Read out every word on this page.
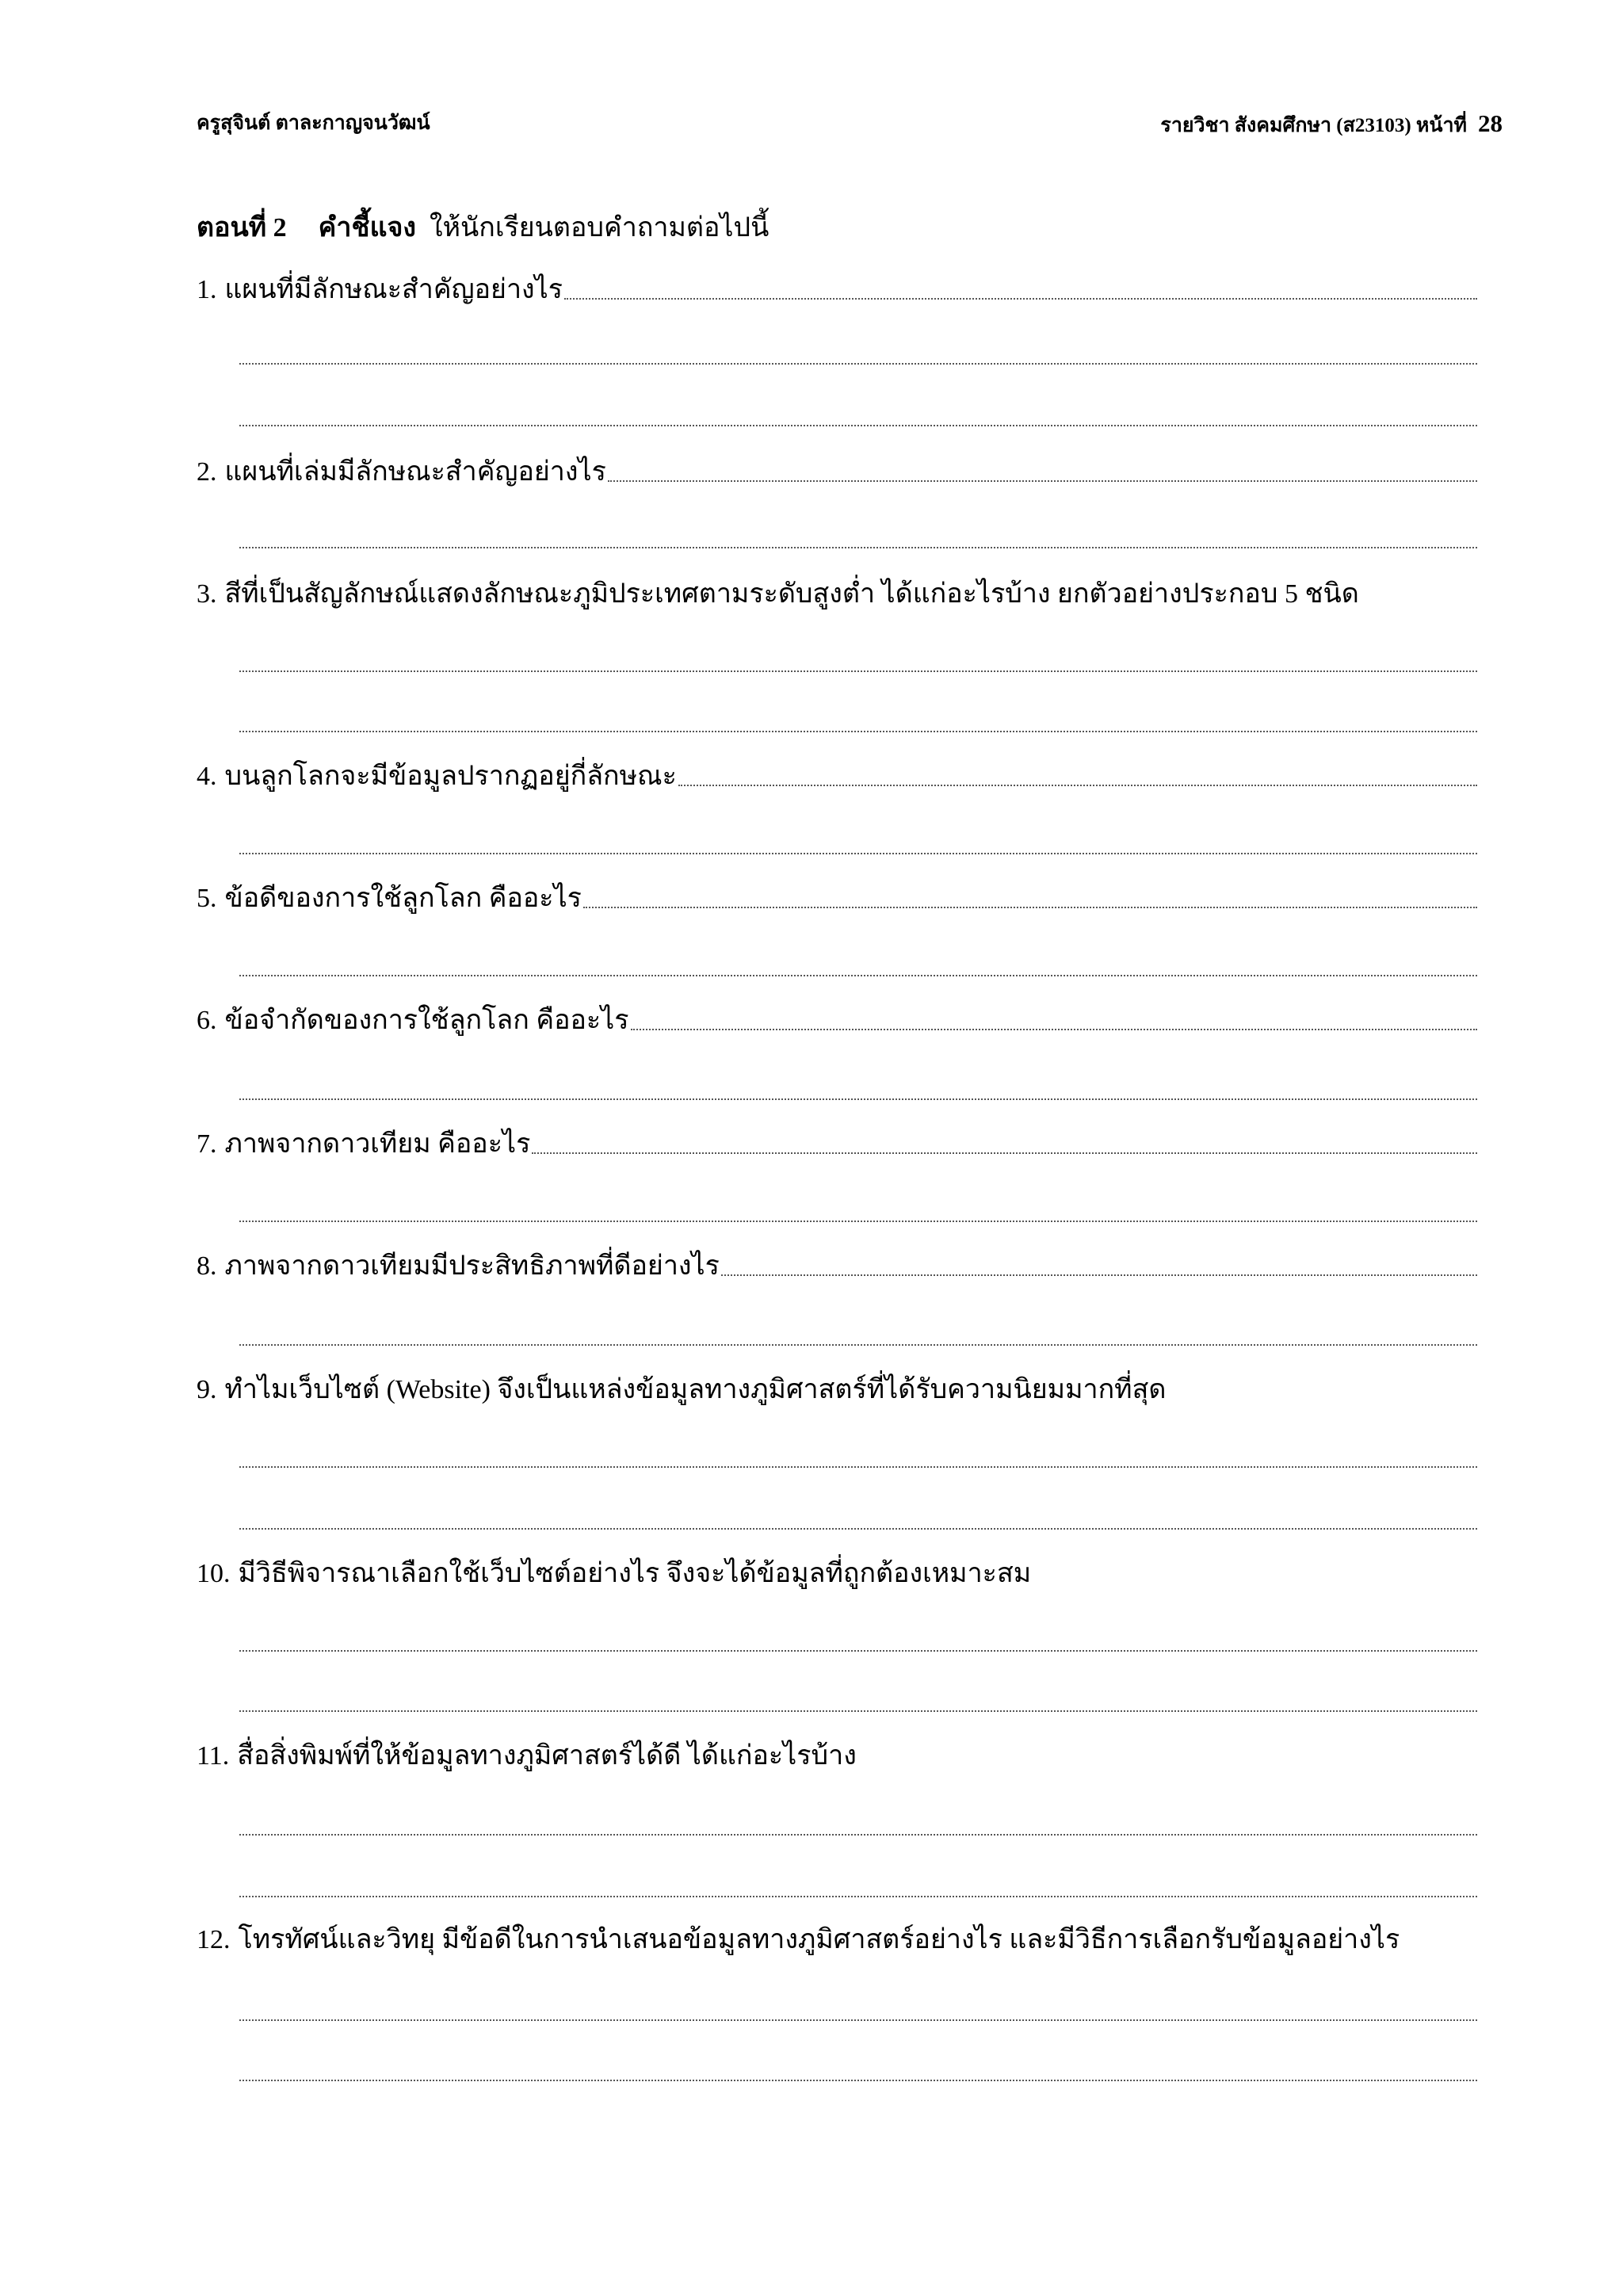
ครูสุจินต์ ตาละกาญจนวัฒน์	รายวิชา สังคมศึกษา (ส23103) หน้าที่ 28
ตอนที่ 2 คำชี้แจง ให้นักเรียนตอบคำถามต่อไปนี้
1. แผนที่มีลักษณะสำคัญอย่างไร
2. แผนที่เล่มมีลักษณะสำคัญอย่างไร
3. สีที่เป็นสัญลักษณ์แสดงลักษณะภูมิประเทศตามระดับสูงต่ำ ได้แก่อะไรบ้าง ยกตัวอย่างประกอบ 5 ชนิด
4. บนลูกโลกจะมีข้อมูลปรากฏอยู่กี่ลักษณะ
5. ข้อดีของการใช้ลูกโลก คืออะไร
6. ข้อจำกัดของการใช้ลูกโลก คืออะไร
7. ภาพจากดาวเทียม คืออะไร
8. ภาพจากดาวเทียมมีประสิทธิภาพที่ดีอย่างไร
9. ทำไมเว็บไซต์ (Website) จึงเป็นแหล่งข้อมูลทางภูมิศาสตร์ที่ได้รับความนิยมมากที่สุด
10. มีวิธีพิจารณาเลือกใช้เว็บไซต์อย่างไร จึงจะได้ข้อมูลที่ถูกต้องเหมาะสม
11. สื่อสิ่งพิมพ์ที่ให้ข้อมูลทางภูมิศาสตร์ได้ดี ได้แก่อะไรบ้าง
12. โทรทัศน์และวิทยุ มีข้อดีในการนำเสนอข้อมูลทางภูมิศาสตร์อย่างไร และมีวิธีการเลือกรับข้อมูลอย่างไร
